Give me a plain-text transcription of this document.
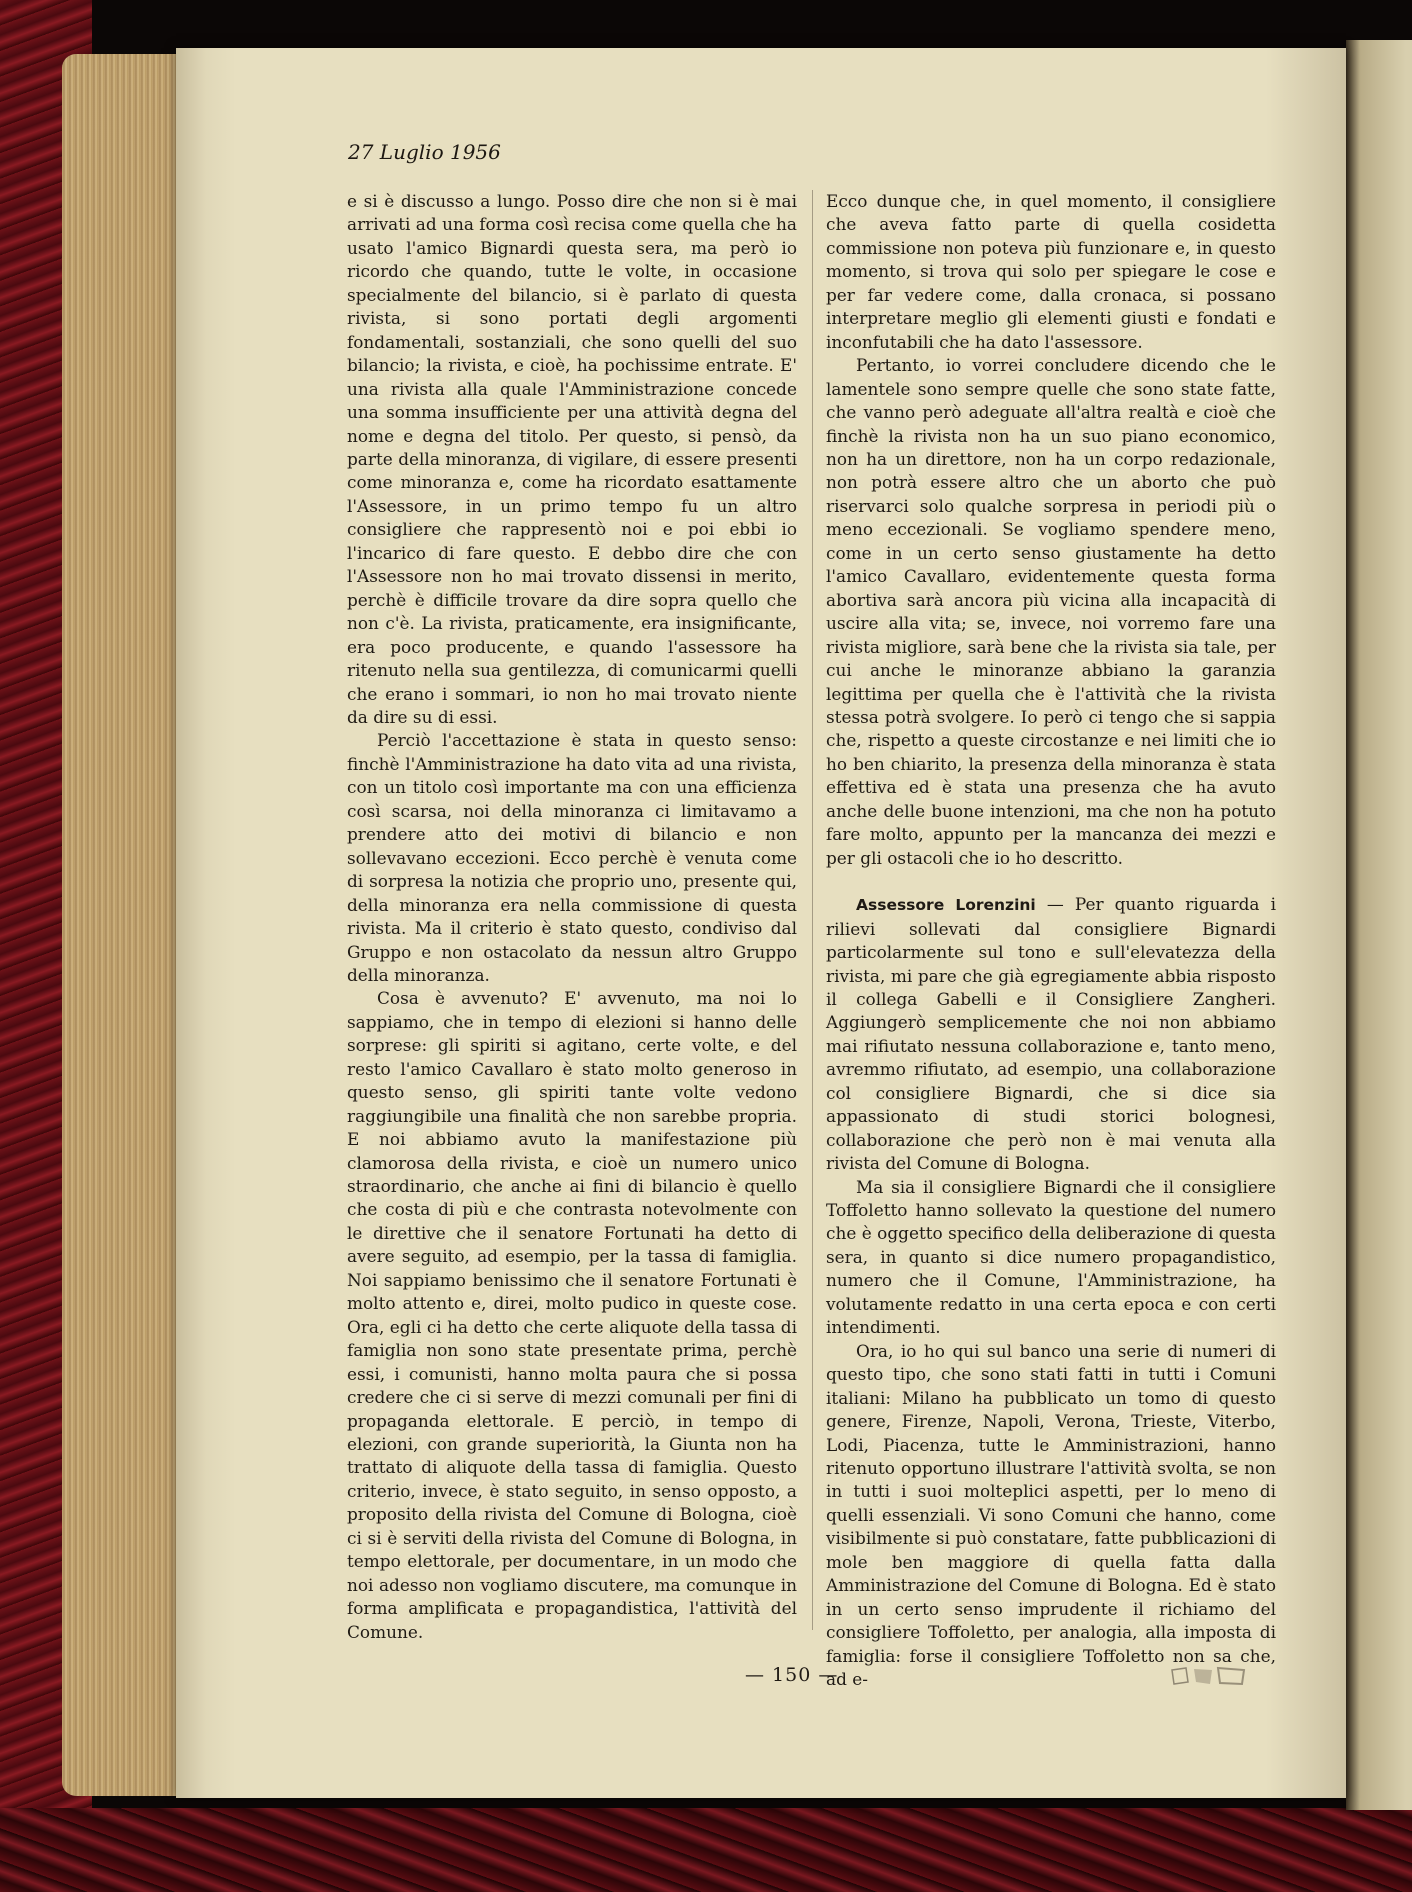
27 Luglio 1956

e si è discusso a lungo. Posso dire che non si è mai arrivati ad una forma così recisa come quella che ha usato l'amico Bignardi questa sera, ma però io ricordo che quando, tutte le volte, in occasione specialmente del bilancio, si è parlato di questa rivista, si sono portati degli argomenti fondamentali, sostanziali, che sono quelli del suo bilancio; la rivista, e cioè, ha pochissime entrate. E' una rivista alla quale l'Amministrazione concede una somma insufficiente per una attività degna del nome e degna del titolo. Per questo, si pensò, da parte della minoranza, di vigilare, di essere presenti come minoranza e, come ha ricordato esattamente l'Assessore, in un primo tempo fu un altro consigliere che rappresentò noi e poi ebbi io l'incarico di fare questo. E debbo dire che con l'Assessore non ho mai trovato dissensi in merito, perchè è difficile trovare da dire sopra quello che non c'è. La rivista, praticamente, era insignificante, era poco producente, e quando l'assessore ha ritenuto nella sua gentilezza, di comunicarmi quelli che erano i sommari, io non ho mai trovato niente da dire su di essi.

Perciò l'accettazione è stata in questo senso: finchè l'Amministrazione ha dato vita ad una rivista, con un titolo così importante ma con una efficienza così scarsa, noi della minoranza ci limitavamo a prendere atto dei motivi di bilancio e non sollevavano eccezioni. Ecco perchè è venuta come di sorpresa la notizia che proprio uno, presente qui, della minoranza era nella commissione di questa rivista. Ma il criterio è stato questo, condiviso dal Gruppo e non ostacolato da nessun altro Gruppo della minoranza.

Cosa è avvenuto? E' avvenuto, ma noi lo sappiamo, che in tempo di elezioni si hanno delle sorprese: gli spiriti si agitano, certe volte, e del resto l'amico Cavallaro è stato molto generoso in questo senso, gli spiriti tante volte vedono raggiungibile una finalità che non sarebbe propria. E noi abbiamo avuto la manifestazione più clamorosa della rivista, e cioè un numero unico straordinario, che anche ai fini di bilancio è quello che costa di più e che contrasta notevolmente con le direttive che il senatore Fortunati ha detto di avere seguito, ad esempio, per la tassa di famiglia. Noi sappiamo benissimo che il senatore Fortunati è molto attento e, direi, molto pudico in queste cose. Ora, egli ci ha detto che certe aliquote della tassa di famiglia non sono state presentate prima, perchè essi, i comunisti, hanno molta paura che si possa credere che ci si serve di mezzi comunali per fini di propaganda elettorale. E perciò, in tempo di elezioni, con grande superiorità, la Giunta non ha trattato di aliquote della tassa di famiglia. Questo criterio, invece, è stato seguito, in senso opposto, a proposito della rivista del Comune di Bologna, cioè ci si è serviti della rivista del Comune di Bologna, in tempo elettorale, per documentare, in un modo che noi adesso non vogliamo discutere, ma comunque in forma amplificata e propagandistica, l'attività del Comune.

Ecco dunque che, in quel momento, il consigliere che aveva fatto parte di quella cosidetta commissione non poteva più funzionare e, in questo momento, si trova qui solo per spiegare le cose e per far vedere come, dalla cronaca, si possano interpretare meglio gli elementi giusti e fondati e inconfutabili che ha dato l'assessore.

Pertanto, io vorrei concludere dicendo che le lamentele sono sempre quelle che sono state fatte, che vanno però adeguate all'altra realtà e cioè che finchè la rivista non ha un suo piano economico, non ha un direttore, non ha un corpo redazionale, non potrà essere altro che un aborto che può riservarci solo qualche sorpresa in periodi più o meno eccezionali. Se vogliamo spendere meno, come in un certo senso giustamente ha detto l'amico Cavallaro, evidentemente questa forma abortiva sarà ancora più vicina alla incapacità di uscire alla vita; se, invece, noi vorremo fare una rivista migliore, sarà bene che la rivista sia tale, per cui anche le minoranze abbiano la garanzia legittima per quella che è l'attività che la rivista stessa potrà svolgere. Io però ci tengo che si sappia che, rispetto a queste circostanze e nei limiti che io ho ben chiarito, la presenza della minoranza è stata effettiva ed è stata una presenza che ha avuto anche delle buone intenzioni, ma che non ha potuto fare molto, appunto per la mancanza dei mezzi e per gli ostacoli che io ho descritto.

Assessore Lorenzini — Per quanto riguarda i rilievi sollevati dal consigliere Bignardi particolarmente sul tono e sull'elevatezza della rivista, mi pare che già egregiamente abbia risposto il collega Gabelli e il Consigliere Zangheri. Aggiungerò semplicemente che noi non abbiamo mai rifiutato nessuna collaborazione e, tanto meno, avremmo rifiutato, ad esempio, una collaborazione col consigliere Bignardi, che si dice sia appassionato di studi storici bolognesi, collaborazione che però non è mai venuta alla rivista del Comune di Bologna.

Ma sia il consigliere Bignardi che il consigliere Toffoletto hanno sollevato la questione del numero che è oggetto specifico della deliberazione di questa sera, in quanto si dice numero propagandistico, numero che il Comune, l'Amministrazione, ha volutamente redatto in una certa epoca e con certi intendimenti.

Ora, io ho qui sul banco una serie di numeri di questo tipo, che sono stati fatti in tutti i Comuni italiani: Milano ha pubblicato un tomo di questo genere, Firenze, Napoli, Verona, Trieste, Viterbo, Lodi, Piacenza, tutte le Amministrazioni, hanno ritenuto opportuno illustrare l'attività svolta, se non in tutti i suoi molteplici aspetti, per lo meno di quelli essenziali. Vi sono Comuni che hanno, come visibilmente si può constatare, fatte pubblicazioni di mole ben maggiore di quella fatta dalla Amministrazione del Comune di Bologna. Ed è stato in un certo senso imprudente il richiamo del consigliere Toffoletto, per analogia, alla imposta di famiglia: forse il consigliere Toffoletto non sa che, ad e-

— 150 —
